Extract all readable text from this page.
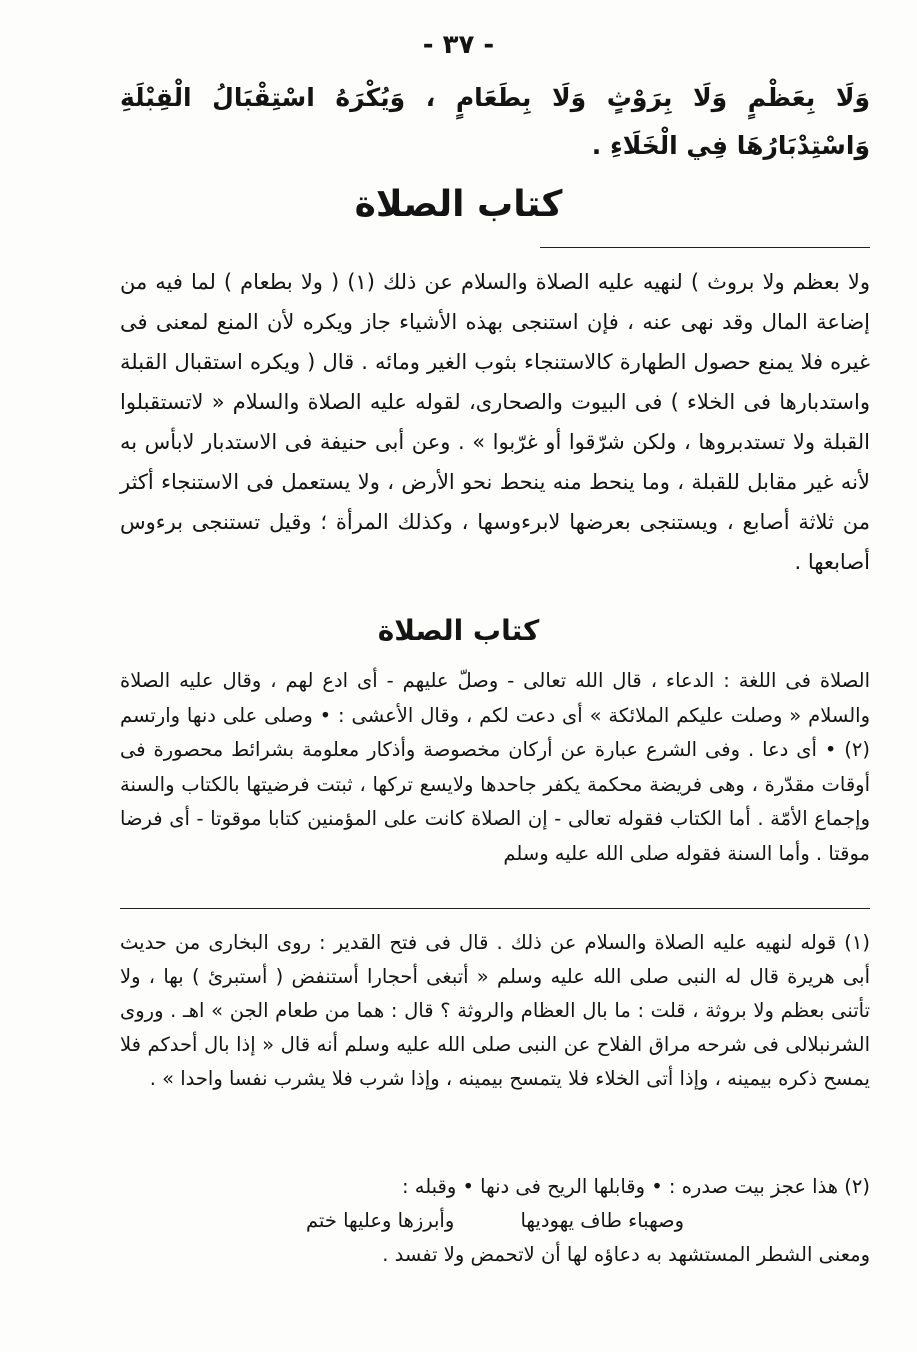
- ٣٧ -
وَلَا بِعَظْمٍ وَلَا بِرَوْثٍ وَلَا بِطَعَامٍ ، وَيُكْرَهُ اسْتِقْبَالُ الْقِبْلَةِ وَاسْتِدْبَارُهَا فِي الْخَلَاءِ .
كتاب الصلاة
ولا بعظم ولا بروث ) لنهيه عليه الصلاة والسلام عن ذلك (١) ( ولا بطعام ) لما فيه من إضاعة المال وقد نهى عنه ، فإن استنجى بهذه الأشياء جاز ويكره لأن المنع لمعنى فى غيره فلا يمنع حصول الطهارة كالاستنجاء بثوب الغير ومائه . قال ( ويكره استقبال القبلة واستدبارها فى الخلاء ) فى البيوت والصحارى، لقوله عليه الصلاة والسلام « لاتستقبلوا القبلة ولا تستدبروها ، ولكن شرّقوا أو غرّبوا » . وعن أبى حنيفة فى الاستدبار لابأس به لأنه غير مقابل للقبلة ، وما ينحط منه ينحط نحو الأرض ، ولا يستعمل فى الاستنجاء أكثر من ثلاثة أصابع ، ويستنجى بعرضها لابرءوسها ، وكذلك المرأة ؛ وقيل تستنجى برءوس أصابعها .
كتاب الصلاة
الصلاة فى اللغة : الدعاء ، قال الله تعالى - وصلّ عليهم - أى ادع لهم ، وقال عليه الصلاة والسلام « وصلت عليكم الملائكة » أى دعت لكم ، وقال الأعشى : • وصلى على دنها وارتسم (٢) • أى دعا . وفى الشرع عبارة عن أركان مخصوصة وأذكار معلومة بشرائط محصورة فى أوقات مقدّرة ، وهى فريضة محكمة يكفر جاحدها ولايسع تركها ، ثبتت فرضيتها بالكتاب والسنة وإجماع الأمّة . أما الكتاب فقوله تعالى - إن الصلاة كانت على المؤمنين كتابا موقوتا - أى فرضا موقتا . وأما السنة فقوله صلى الله عليه وسلم
(١) قوله لنهيه عليه الصلاة والسلام عن ذلك . قال فى فتح القدير : روى البخارى من حديث أبى هريرة قال له النبى صلى الله عليه وسلم « أتبغى أحجارا أستنفض ( أستبرئ ) بها ، ولا تأتنى بعظم ولا بروثة ، قلت : ما بال العظام والروثة ؟ قال : هما من طعام الجن » اهـ . وروى الشرنبلالى فى شرحه مراق الفلاح عن النبى صلى الله عليه وسلم أنه قال « إذا بال أحدكم فلا يمسح ذكره بيمينه ، وإذا أتى الخلاء فلا يتمسح بيمينه ، وإذا شرب فلا يشرب نفسا واحدا » .
(٢) هذا عجز بيت صدره : • وقابلها الريح فى دنها • وقبله :
وصهباء طاف يهوديها وأبرزها وعليها ختم
ومعنى الشطر المستشهد به دعاؤه لها أن لاتحمض ولا تفسد .
